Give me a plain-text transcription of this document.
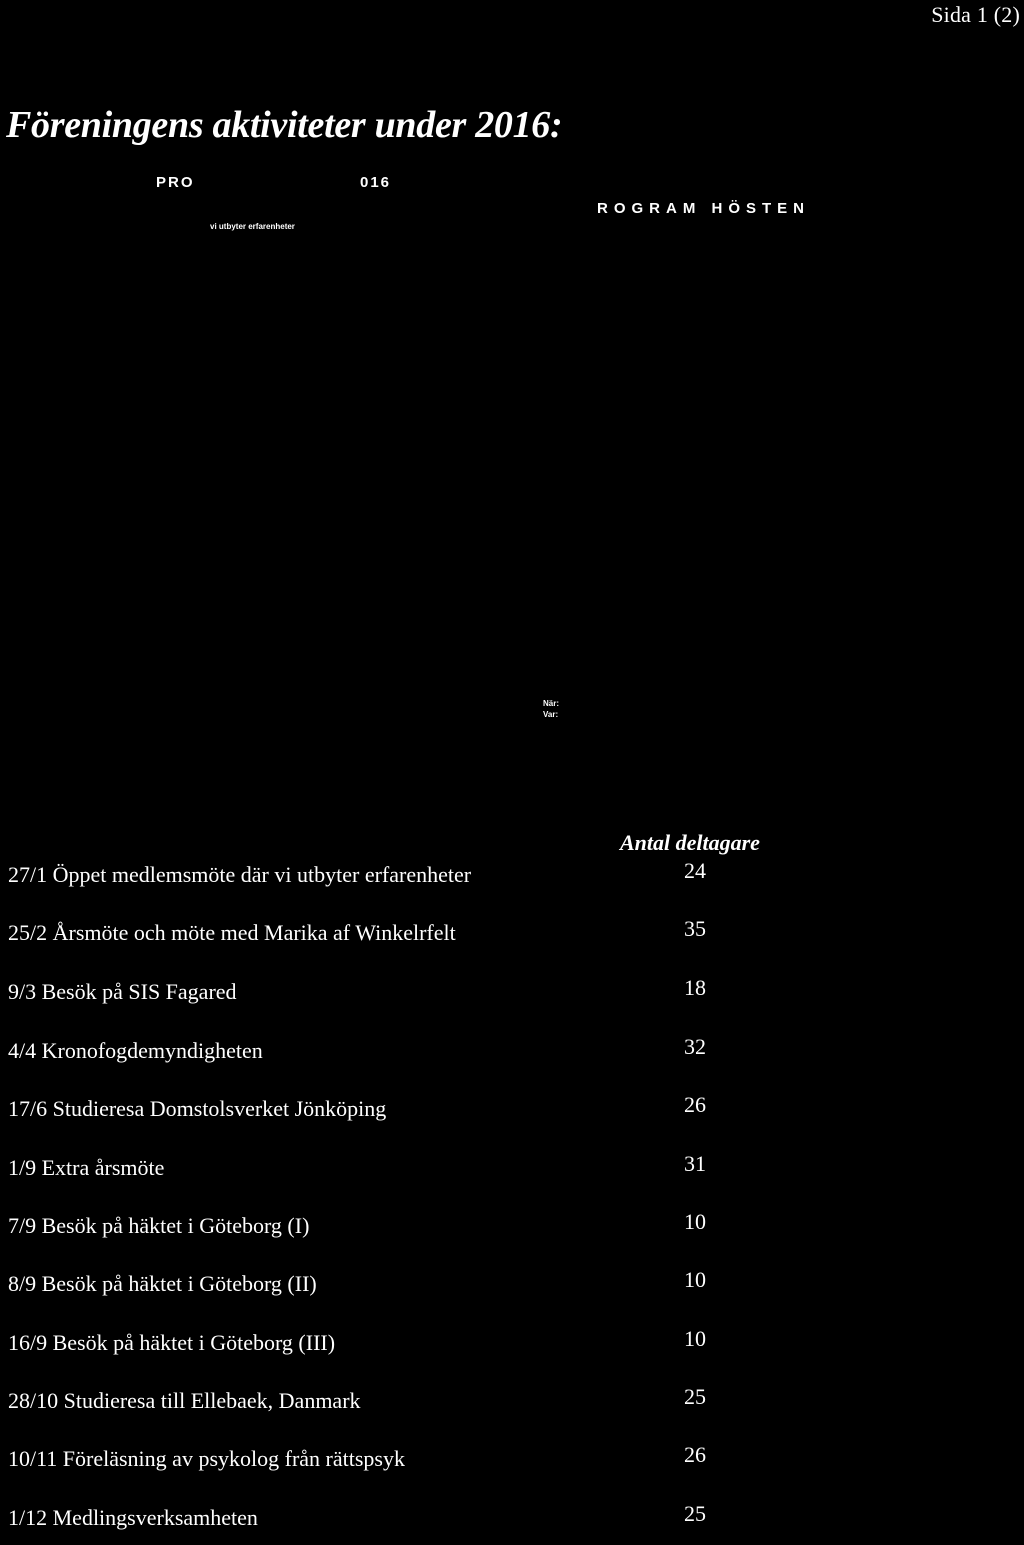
Sida 1 (2)
Föreningens aktiviteter under 2016:
PRO	016
ROGRAM HÖSTEN
vi utbyter erfarenheter
När:
Var:
Antal deltagare
27/1 Öppet medlemsmöte där vi utbyter erfarenheter	24
25/2 Årsmöte och möte med Marika af Winkelrfelt	35
9/3 Besök på SIS Fagared	18
4/4 Kronofogdemyndigheten	32
17/6 Studieresa Domstolsverket Jönköping	26
1/9 Extra årsmöte	31
7/9 Besök på häktet i Göteborg (I)	10
8/9 Besök på häktet i Göteborg (II)	10
16/9 Besök på häktet i Göteborg (III)	10
28/10 Studieresa till Ellebaek, Danmark	25
10/11 Föreläsning av psykolog från rättspsyk	26
1/12 Medlingsverksamheten	25
